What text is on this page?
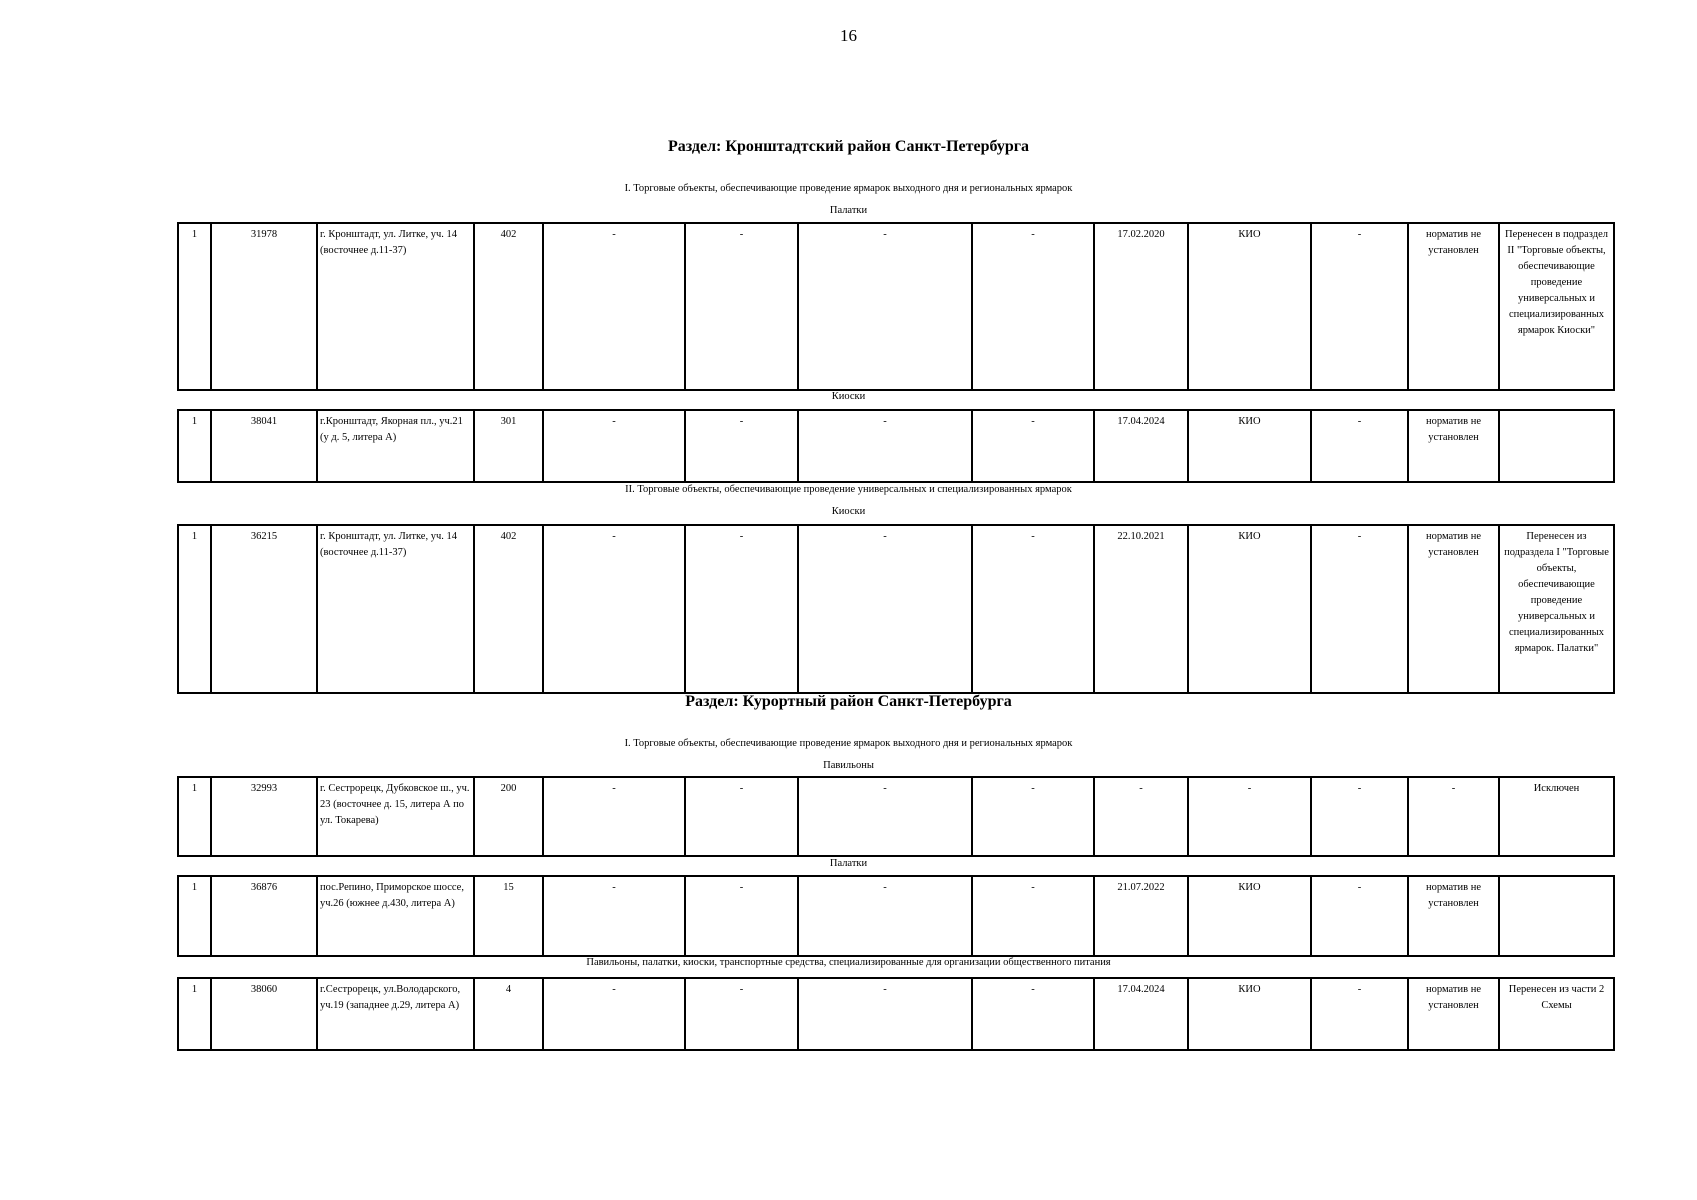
16
Раздел: Кронштадтский район Санкт-Петербурга
I. Торговые объекты, обеспечивающие проведение ярмарок выходного дня и региональных ярмарок
Палатки
1	31978	г. Кронштадт, ул. Литке, уч. 14 (восточнее д.11-37)	402	-	-	-	-	17.02.2020	КИО	-	норматив не установлен	Перенесен в подраздел II "Торговые объекты, обеспечивающие проведение универсальных и специализированных ярмарок Киоски"
Киоски
1	38041	г.Кронштадт, Якорная пл., уч.21 (у д. 5, литера А)	301	-	-	-	-	17.04.2024	КИО	-	норматив не установлен	
II. Торговые объекты, обеспечивающие проведение универсальных и специализированных ярмарок
Киоски
1	36215	г. Кронштадт, ул. Литке, уч. 14 (восточнее д.11-37)	402	-	-	-	-	22.10.2021	КИО	-	норматив не установлен	Перенесен из подраздела I "Торговые объекты, обеспечивающие проведение универсальных и специализированных ярмарок. Палатки"
Раздел: Курортный район Санкт-Петербурга
I. Торговые объекты, обеспечивающие проведение ярмарок выходного дня и региональных ярмарок
Павильоны
1	32993	г. Сестрорецк, Дубковское ш., уч. 23 (восточнее д. 15, литера А по ул. Токарева)	200	-	-	-	-	-	-	-	-	Исключен
Палатки
1	36876	пос.Репино, Приморское шоссе, уч.26 (южнее д.430, литера А)	15	-	-	-	-	21.07.2022	КИО	-	норматив не установлен	
Павильоны, палатки, киоски, транспортные средства, специализированные для организации общественного питания
1	38060	г.Сестрорецк, ул.Володарского, уч.19 (западнее д.29, литера А)	4	-	-	-	-	17.04.2024	КИО	-	норматив не установлен	Перенесен из части 2 Схемы
